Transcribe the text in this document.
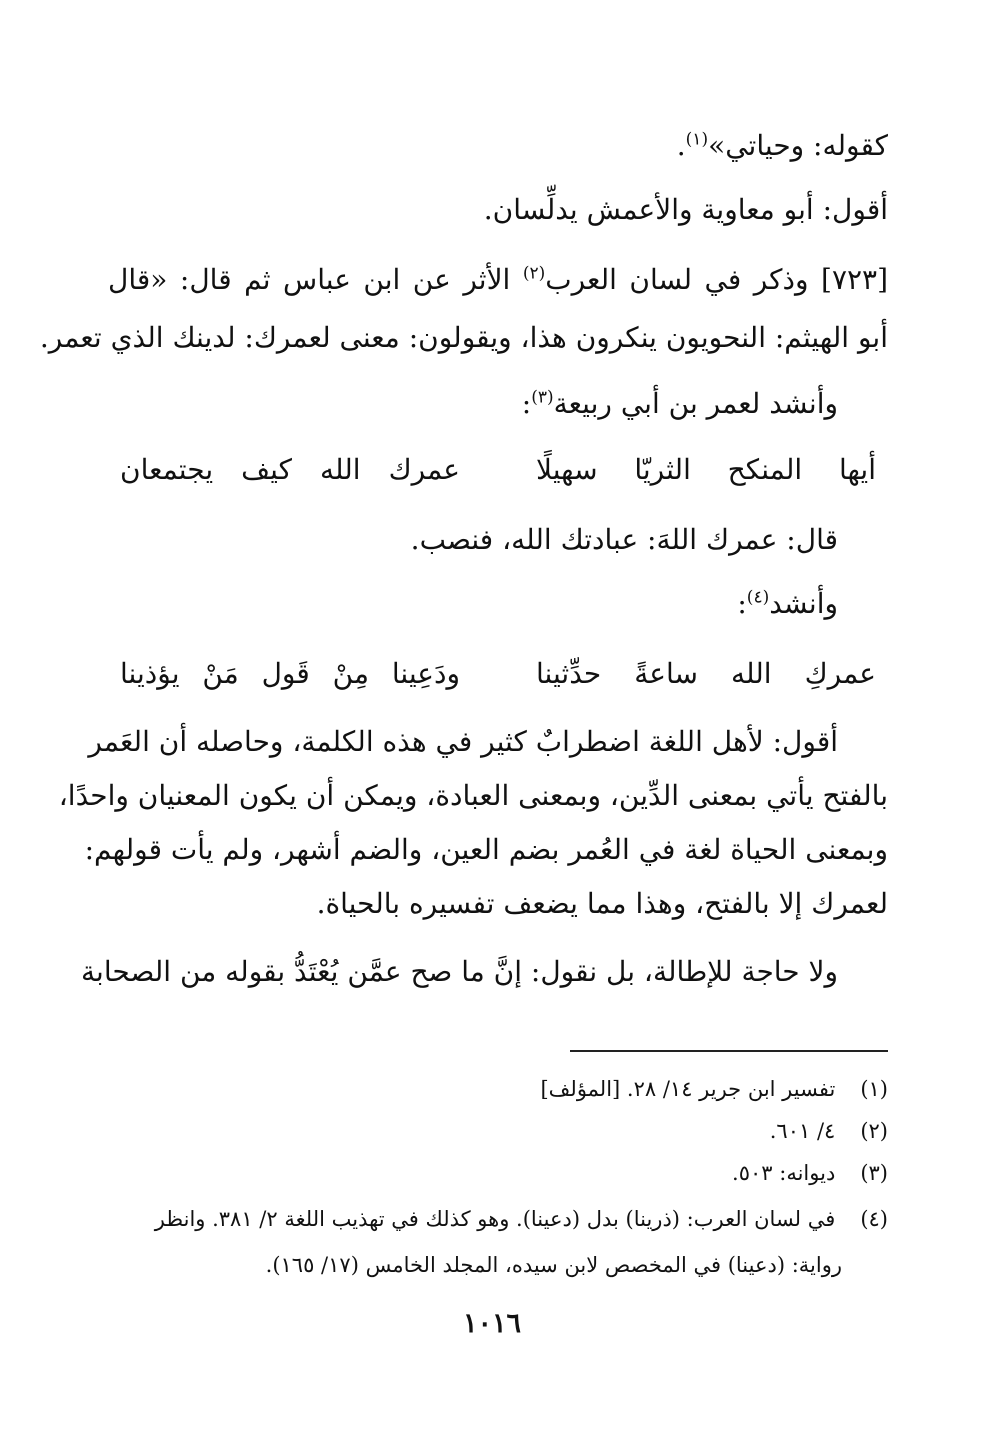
كقوله: وحياتي»$^{(١)}$.
أقول: أبو معاوية والأعمش يدلِّسان.
[٧٢٣] وذكر في لسان العرب$^{(٢)}$ الأثر عن ابن عباس ثم قال: «قال
أبو الهيثم: النحويون ينكرون هذا، ويقولون: معنى لعمرك: لدينك الذي تعمر.
وأنشد لعمر بن أبي ربيعة$^{(٣)}$:
أيها المنكح الثريّا سهيلًا
عمرك الله كيف يجتمعان
قال: عمرك اللهَ: عبادتك الله، فنصب.
وأنشد$^{(٤)}$:
عمركِ الله ساعةً حدِّثينا
ودَعِينا مِنْ قَول مَنْ يؤذينا
أقول: لأهل اللغة اضطرابٌ كثير في هذه الكلمة، وحاصله أن العَمر
بالفتح يأتي بمعنى الدِّين، وبمعنى العبادة، ويمكن أن يكون المعنيان واحدًا،
وبمعنى الحياة لغة في العُمر بضم العين، والضم أشهر، ولم يأت قولهم:
لعمرك إلا بالفتح، وهذا مما يضعف تفسيره بالحياة.
ولا حاجة للإطالة، بل نقول: إنَّ ما صح عمَّن يُعْتَدُّ بقوله من الصحابة
(١) تفسير ابن جرير ١٤/ ٢٨. [المؤلف]
(٢) ٤/ ٦٠١.
(٣) ديوانه: ٥٠٣.
(٤) في لسان العرب: (ذرينا) بدل (دعينا). وهو كذلك في تهذيب اللغة ٢/ ٣٨١. وانظر
رواية: (دعينا) في المخصص لابن سيده، المجلد الخامس (١٧/ ١٦٥).
١٠١٦
